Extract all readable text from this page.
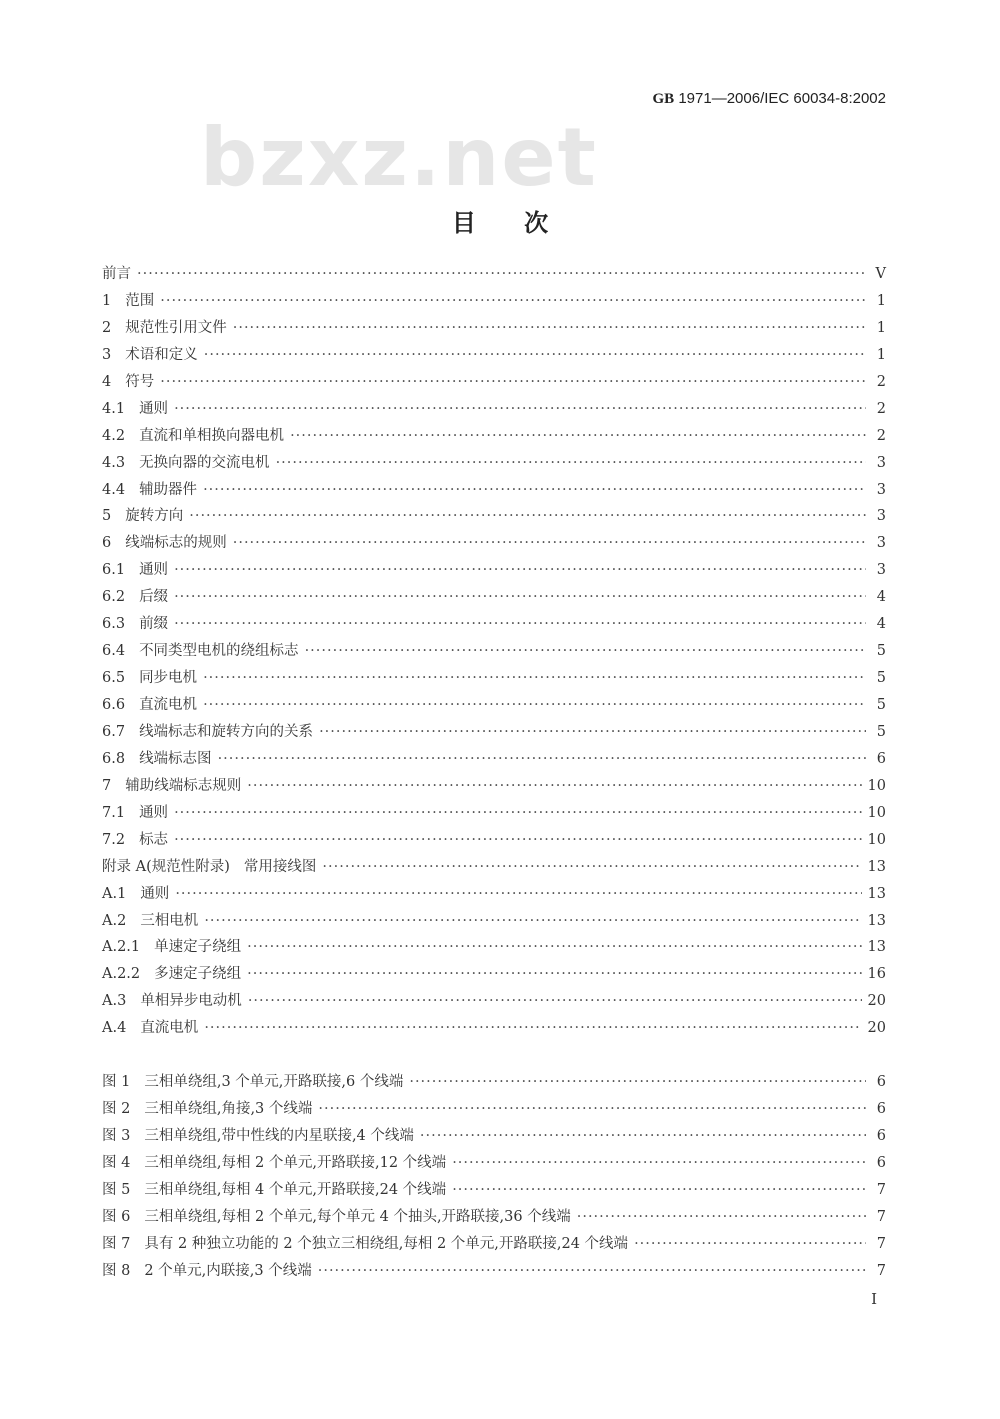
GB 1971—2006/IEC 60034-8:2002
bzxz.net
目 次
前言 ·····	V
1 范围 ·····	1
2 规范性引用文件 ·····	1
3 术语和定义 ·····	1
4 符号 ·····	2
4.1 通则 ·····	2
4.2 直流和单相换向器电机 ·····	2
4.3 无换向器的交流电机 ·····	3
4.4 辅助器件 ·····	3
5 旋转方向 ·····	3
6 线端标志的规则 ·····	3
6.1 通则 ·····	3
6.2 后缀 ·····	4
6.3 前缀 ·····	4
6.4 不同类型电机的绕组标志 ·····	5
6.5 同步电机 ·····	5
6.6 直流电机 ·····	5
6.7 线端标志和旋转方向的关系 ·····	5
6.8 线端标志图 ·····	6
7 辅助线端标志规则 ·····	10
7.1 通则 ·····	10
7.2 标志 ·····	10
附录 A(规范性附录) 常用接线图 ·····	13
A.1 通则 ·····	13
A.2 三相电机 ·····	13
A.2.1 单速定子绕组 ·····	13
A.2.2 多速定子绕组 ·····	16
A.3 单相异步电动机 ·····	20
A.4 直流电机 ·····	20
图 1 三相单绕组,3 个单元,开路联接,6 个线端 ·····	6
图 2 三相单绕组,角接,3 个线端 ·····	6
图 3 三相单绕组,带中性线的内星联接,4 个线端 ·····	6
图 4 三相单绕组,每相 2 个单元,开路联接,12 个线端 ·····	6
图 5 三相单绕组,每相 4 个单元,开路联接,24 个线端 ·····	7
图 6 三相单绕组,每相 2 个单元,每个单元 4 个抽头,开路联接,36 个线端 ·····	7
图 7 具有 2 种独立功能的 2 个独立三相绕组,每相 2 个单元,开路联接,24 个线端 ·····	7
图 8 2 个单元,内联接,3 个线端 ·····	7
I
